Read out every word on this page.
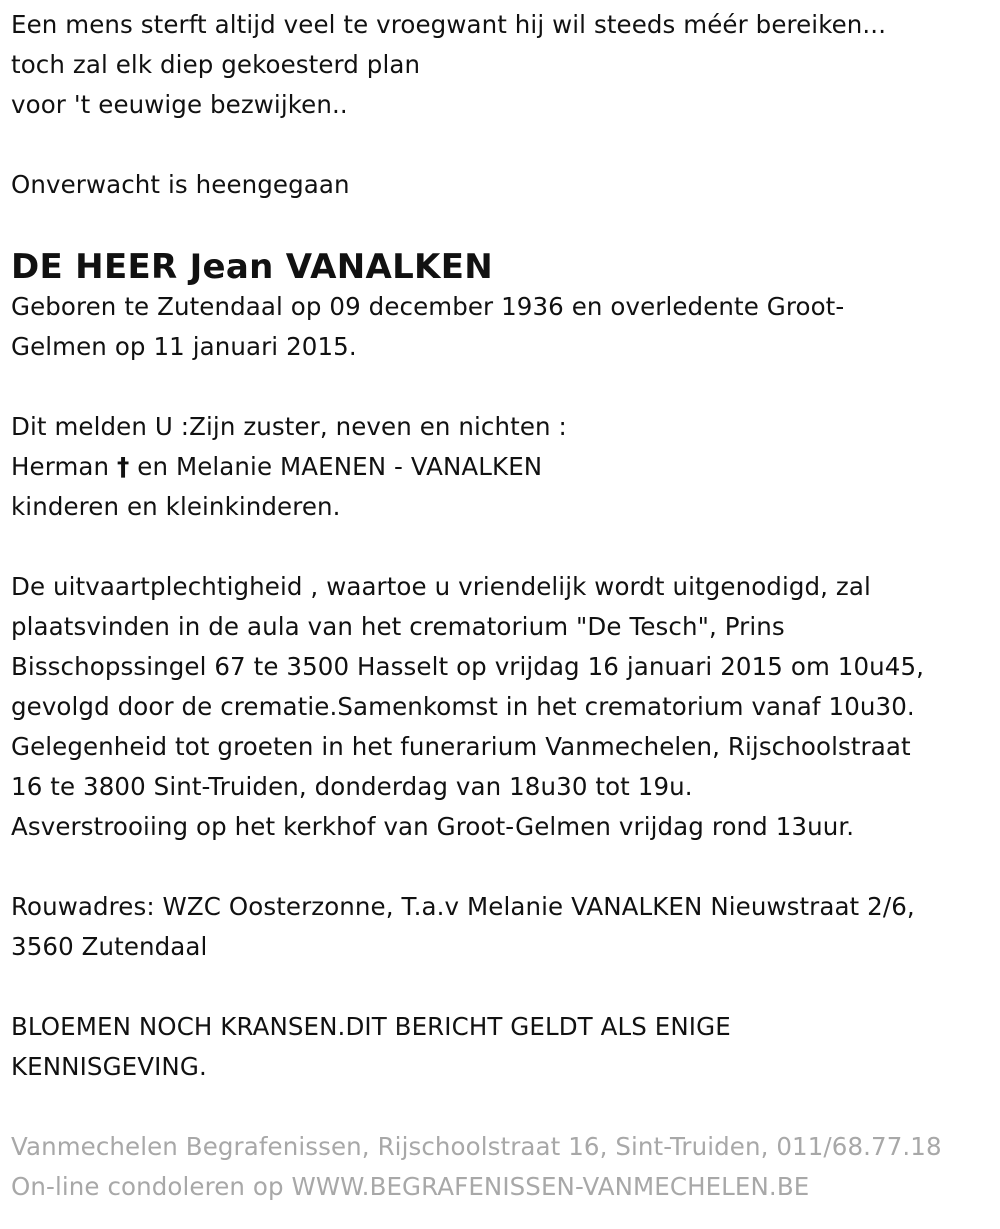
Een mens sterft altijd veel te vroegwant hij wil steeds méér bereiken...
toch zal elk diep gekoesterd plan
voor 't eeuwige bezwijken..
Onverwacht is heengegaan
DE HEER Jean VANALKEN
Geboren te Zutendaal op 09 december 1936 en overledente Groot-
Gelmen op 11 januari 2015.
Dit melden U :Zijn zuster, neven en nichten :
Herman † en Melanie MAENEN - VANALKEN
kinderen en kleinkinderen.
De uitvaartplechtigheid , waartoe u vriendelijk wordt uitgenodigd, zal
plaatsvinden in de aula van het crematorium "De Tesch", Prins
Bisschopssingel 67 te 3500 Hasselt op vrijdag 16 januari 2015 om 10u45,
gevolgd door de crematie.Samenkomst in het crematorium vanaf 10u30.
Gelegenheid tot groeten in het funerarium Vanmechelen, Rijschoolstraat
16 te 3800 Sint-Truiden, donderdag van 18u30 tot 19u.
Asverstrooiing op het kerkhof van Groot-Gelmen vrijdag rond 13uur.
Rouwadres: WZC Oosterzonne, T.a.v Melanie VANALKEN Nieuwstraat 2/6,
3560 Zutendaal
BLOEMEN NOCH KRANSEN.DIT BERICHT GELDT ALS ENIGE
KENNISGEVING.
Vanmechelen Begrafenissen, Rijschoolstraat 16, Sint-Truiden, 011/68.77.18
On-line condoleren op WWW.BEGRAFENISSEN-VANMECHELEN.BE
